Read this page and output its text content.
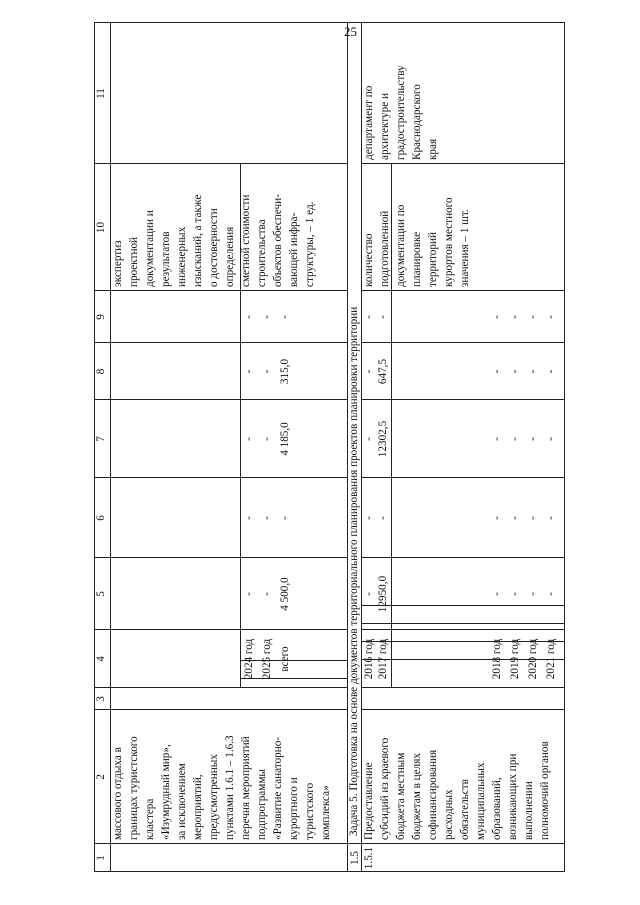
25
1
2
3
4
5
6
7
8
9
10
11
массового отдыха в границах туристского кластера «Изумрудный мир», за исключением мероприятий, предусмотренных пунктами 1.6.1 – 1.6.3 перечня мероприятий подпрограммы «Развитие санаторно- курортного и туристского комплекса»
экспертиз проектной документации и результатов инженерных изысканий, а также о достоверности определения сметной стоимости строительства объектов обеспечи- вающей инфра- структуры, – 1 ед.
2024 год
-
-
-
-
-
2025 год
-
-
-
-
-
всего
4 500,0
-
4 185,0
315,0
-
1.5
Задача 5. Подготовка на основе документов территориального планирования проектов планировки территории
1.5.1
Предоставление субсидий из краевого бюджета местным бюджетам в целях софинансирования расходных обязательств муниципальных образований, возникающих при выполнении полномочий органов
2016 год
-
-
-
-
-
2017 год
12950,0
-
12302,5
647,5
-
2018 год
-
-
-
-
-
2019 год
-
-
-
-
-
2020 год
-
-
-
-
-
2021 год
-
-
-
-
-
количество подготовленной документации по планировке территорий курортов местного значения – 1 шт.
департамент по архитектуре и градостроительству Краснодарского края
